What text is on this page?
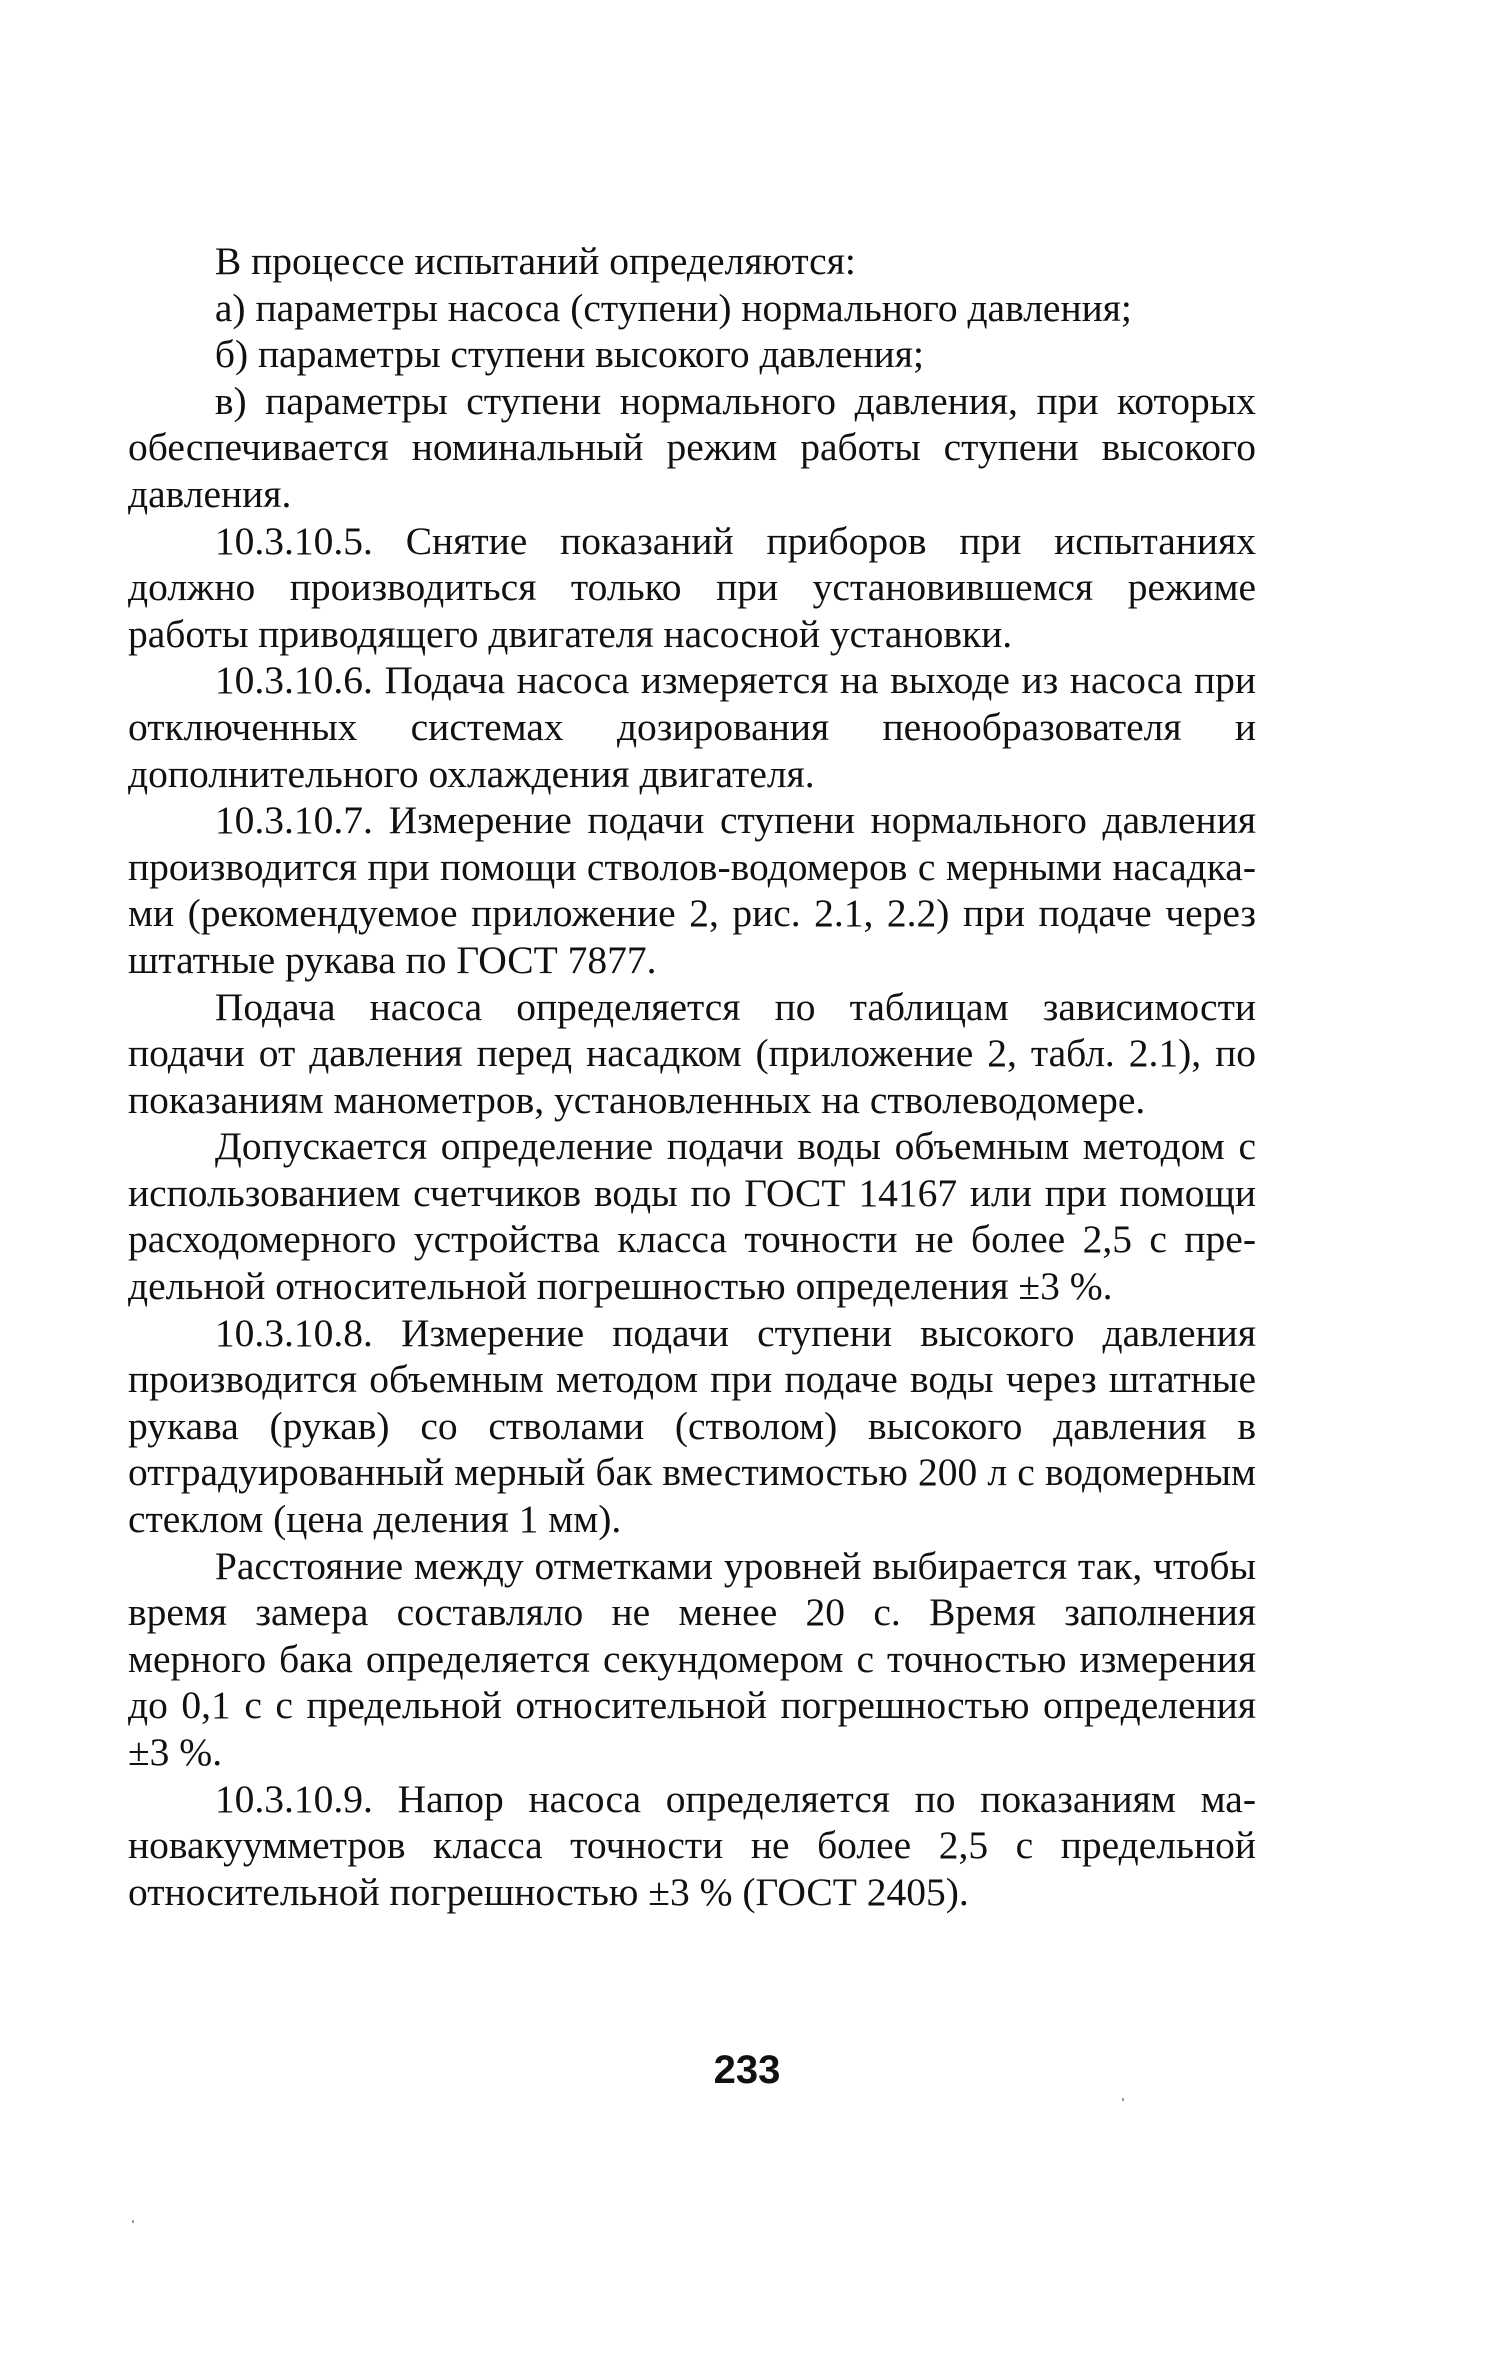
В процессе испытаний определяются:

а) параметры насоса (ступени) нормального давления;

б) параметры ступени высокого давления;

в) параметры ступени нормального давления, при которых обеспечивается номинальный режим работы ступени высокого давления.

10.3.10.5. Снятие показаний приборов при испытаниях должно производиться только при установившемся режиме работы приводящего двигателя насосной установки.

10.3.10.6. Подача насоса измеряется на выходе из насоса при отключенных системах дозирования пенообразователя и дополнительного охлаждения двигателя.

10.3.10.7. Измерение подачи ступени нормального давления производится при помощи стволов-водомеров с мерными насадками (рекомендуемое приложение 2, рис. 2.1, 2.2) при подаче через штатные рукава по ГОСТ 7877.

Подача насоса определяется по таблицам зависимости подачи от давления перед насадком (приложение 2, табл. 2.1), по показаниям манометров, установленных на стволеводомере.

Допускается определение подачи воды объемным методом с использованием счетчиков воды по ГОСТ 14167 или при помощи расходомерного устройства класса точности не более 2,5 с предельной относительной погрешностью определения ±3 %.

10.3.10.8. Измерение подачи ступени высокого давления производится объемным методом при подаче воды через штатные рукава (рукав) со стволами (стволом) высокого давления в отградуированный мерный бак вместимостью 200 л с водомерным стеклом (цена деления 1 мм).

Расстояние между отметками уровней выбирается так, чтобы время замера составляло не менее 20 с. Время заполнения мерного бака определяется секундомером с точностью измерения до 0,1 с с предельной относительной погрешностью определения ±3 %.

10.3.10.9. Напор насоса определяется по показаниям мановакуумметров класса точности не более 2,5 с предельной относительной погрешностью ±3 % (ГОСТ 2405).

233
